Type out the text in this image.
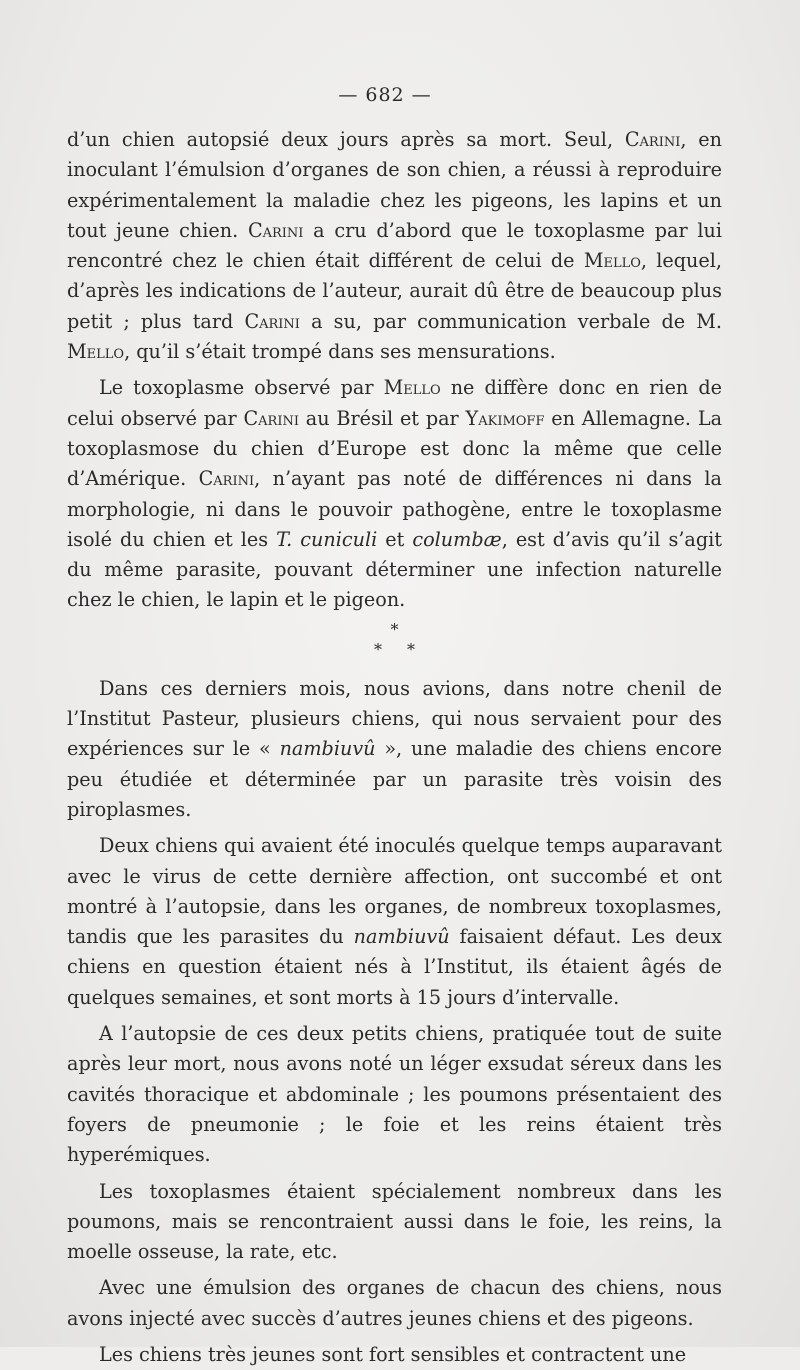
— 682 —

d’un chien autopsié deux jours après sa mort. Seul, Carini, en inoculant l’émulsion d’organes de son chien, a réussi à reproduire expérimentalement la maladie chez les pigeons, les lapins et un tout jeune chien. Carini a cru d’abord que le toxoplasme par lui rencontré chez le chien était différent de celui de Mello, lequel, d’après les indications de l’auteur, aurait dû être de beaucoup plus petit ; plus tard Carini a su, par communication verbale de M. Mello, qu’il s’était trompé dans ses mensurations.

Le toxoplasme observé par Mello ne diffère donc en rien de celui observé par Carini au Brésil et par Yakimoff en Allemagne. La toxoplasmose du chien d’Europe est donc la même que celle d’Amérique. Carini, n’ayant pas noté de différences ni dans la morphologie, ni dans le pouvoir pathogène, entre le toxoplasme isolé du chien et les T. cuniculi et columbæ, est d’avis qu’il s’agit du même parasite, pouvant déterminer une infection naturelle chez le chien, le lapin et le pigeon.

*
* *

Dans ces derniers mois, nous avions, dans notre chenil de l’Institut Pasteur, plusieurs chiens, qui nous servaient pour des expériences sur le « nambiuvû », une maladie des chiens encore peu étudiée et déterminée par un parasite très voisin des piroplasmes.

Deux chiens qui avaient été inoculés quelque temps auparavant avec le virus de cette dernière affection, ont succombé et ont montré à l’autopsie, dans les organes, de nombreux toxoplasmes, tandis que les parasites du nambiuvû faisaient défaut. Les deux chiens en question étaient nés à l’Institut, ils étaient âgés de quelques semaines, et sont morts à 15 jours d’intervalle.

A l’autopsie de ces deux petits chiens, pratiquée tout de suite après leur mort, nous avons noté un léger exsudat séreux dans les cavités thoracique et abdominale ; les poumons présentaient des foyers de pneumonie ; le foie et les reins étaient très hyperémiques.

Les toxoplasmes étaient spécialement nombreux dans les poumons, mais se rencontraient aussi dans le foie, les reins, la moelle osseuse, la rate, etc.

Avec une émulsion des organes de chacun des chiens, nous avons injecté avec succès d’autres jeunes chiens et des pigeons.

Les chiens très jeunes sont fort sensibles et contractent une
